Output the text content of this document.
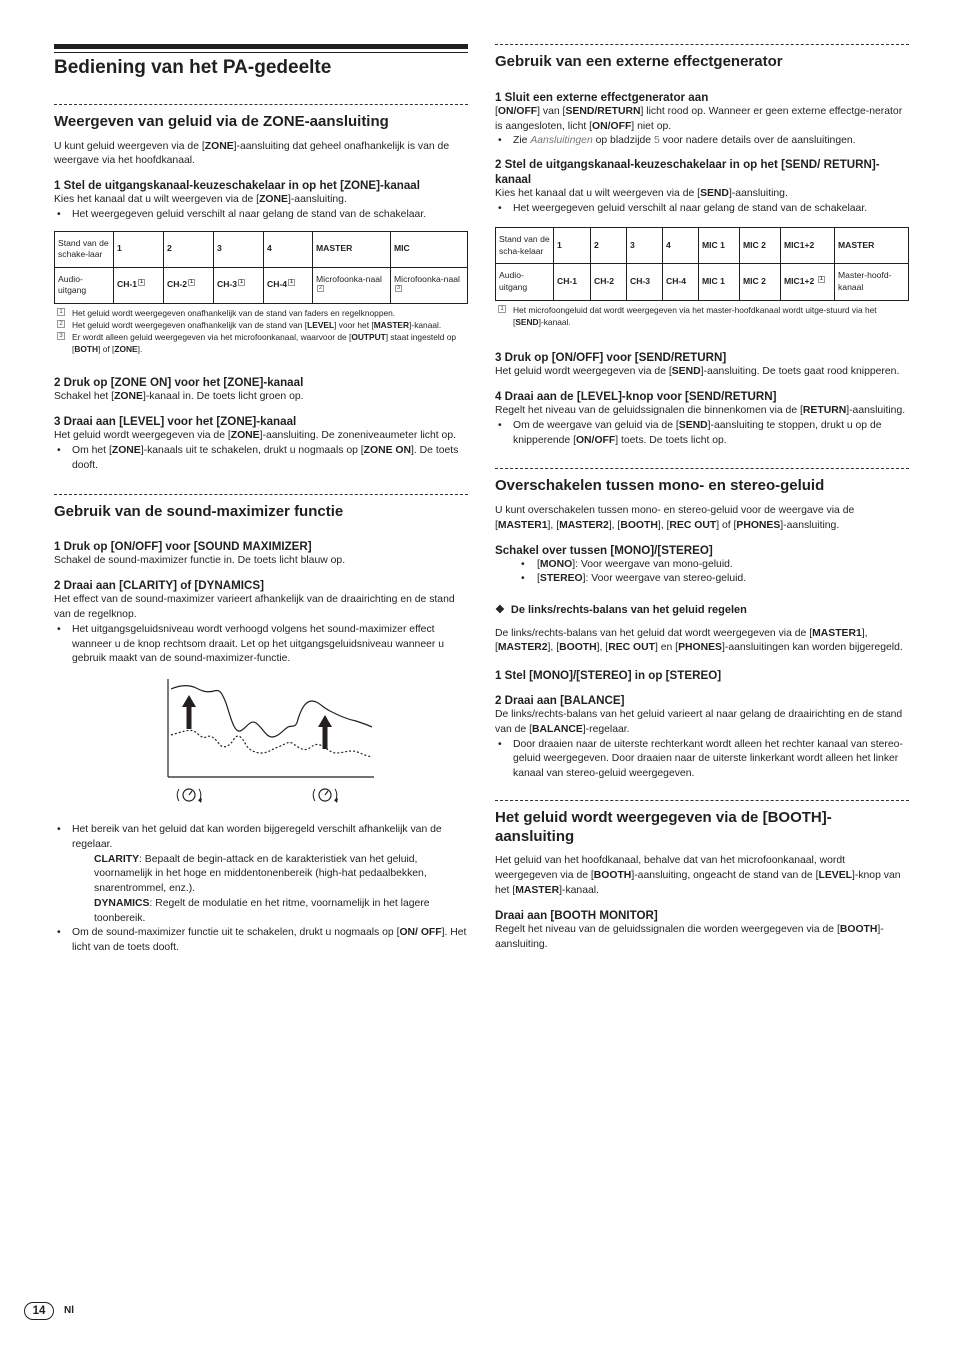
Bediening van het PA-gedeelte
Weergeven van geluid via de ZONE-aansluiting

U kunt geluid weergeven via de [ZONE]-aansluiting dat geheel onafhankelijk is van de weergave via het hoofdkanaal.

1 Stel de uitgangskanaal-keuzeschakelaar in op het [ZONE]-kanaal

Kies het kanaal dat u wilt weergeven via de [ZONE]-aansluiting.

• Het weergegeven geluid verschilt al naar gelang de stand van de schakelaar.

Stand van de schake-laar	1	2	3	4	MASTER	MIC
Audio-uitgang	CH-1 1	CH-2 1	CH-3 1	CH-4 1	Microfoonka-naal 2	Microfoonka-naal 3

1 Het geluid wordt weergegeven onafhankelijk van de stand van faders en regelknoppen.

2 Het geluid wordt weergegeven onafhankelijk van de stand van [LEVEL] voor het [MASTER]-kanaal.

3 Er wordt alleen geluid weergegeven via het microfoonkanaal, waarvoor de [OUTPUT] staat ingesteld op [BOTH] of [ZONE].

2 Druk op [ZONE ON] voor het [ZONE]-kanaal

Schakel het [ZONE]-kanaal in. De toets licht groen op.

3 Draai aan [LEVEL] voor het [ZONE]-kanaal

Het geluid wordt weergegeven via de [ZONE]-aansluiting. De zoneniveaumeter licht op.

• Om het [ZONE]-kanaals uit te schakelen, drukt u nogmaals op [ZONE ON]. De toets dooft.

Gebruik van de sound-maximizer functie
1 Druk op [ON/OFF] voor [SOUND MAXIMIZER]

Schakel de sound-maximizer functie in. De toets licht blauw op.

2 Draai aan [CLARITY] of [DYNAMICS]

Het effect van de sound-maximizer varieert afhankelijk van de draairichting en de stand van de regelknop.

• Het uitgangsgeluidsniveau wordt verhoogd volgens het sound-maximizer effect wanneer u de knop rechtsom draait. Let op het uitgangsgeluidsniveau wanneer u gebruik maakt van de sound-maximizer-functie.

• Het bereik van het geluid dat kan worden bijgeregeld verschilt afhankelijk van de regelaar.

CLARITY: Bepaalt de begin-attack en de karakteristiek van het geluid, voornamelijk in het hoge en middentonenbereik (high-hat pedaalbekken, snarentrommel, enz.).

DYNAMICS: Regelt de modulatie en het ritme, voornamelijk in het lagere toonbereik.

• Om de sound-maximizer functie uit te schakelen, drukt u nogmaals op [ON/ OFF]. Het licht van de toets dooft.

Gebruik van een externe effectgenerator
1 Sluit een externe effectgenerator aan

[ON/OFF] van [SEND/RETURN] licht rood op. Wanneer er geen externe effectge-nerator is aangesloten, licht [ON/OFF] niet op.

• Zie Aansluitingen op bladzijde 5 voor nadere details over de aansluitingen.

2 Stel de uitgangskanaal-keuzeschakelaar in op het [SEND/ RETURN]-kanaal

Kies het kanaal dat u wilt weergeven via de [SEND]-aansluiting.

• Het weergegeven geluid verschilt al naar gelang de stand van de schakelaar.

Stand van de scha-kelaar	1	2	3	4	MIC 1	MIC 2	MIC1+2	MASTER
Audio-uitgang	CH-1	CH-2	CH-3	CH-4	MIC 1	MIC 2	MIC1+2 1	Master-hoofd-kanaal

1 Het microfoongeluid dat wordt weergegeven via het master-hoofdkanaal wordt uitge-stuurd via het [SEND]-kanaal.

3 Druk op [ON/OFF] voor [SEND/RETURN]

Het geluid wordt weergegeven via de [SEND]-aansluiting. De toets gaat rood knipperen.

4 Draai aan de [LEVEL]-knop voor [SEND/RETURN]

Regelt het niveau van de geluidssignalen die binnenkomen via de [RETURN]-aansluiting.

• Om de weergave van geluid via de [SEND]-aansluiting te stoppen, drukt u op de knipperende [ON/OFF] toets. De toets licht op.

Overschakelen tussen mono- en stereo-geluid

U kunt overschakelen tussen mono- en stereo-geluid voor de weergave via de [MASTER1], [MASTER2], [BOOTH], [REC OUT] of [PHONES]-aansluiting.

Schakel over tussen [MONO]/[STEREO]

• [MONO]: Voor weergave van mono-geluid.

• [STEREO]: Voor weergave van stereo-geluid.

❖ De links/rechts-balans van het geluid regelen

De links/rechts-balans van het geluid dat wordt weergegeven via de [MASTER1], [MASTER2], [BOOTH], [REC OUT] en [PHONES]-aansluitingen kan worden bijgeregeld.

1 Stel [MONO]/[STEREO] in op [STEREO]
2 Draai aan [BALANCE]

De links/rechts-balans van het geluid varieert al naar gelang de draairichting en de stand van de [BALANCE]-regelaar.

• Door draaien naar de uiterste rechterkant wordt alleen het rechter kanaal van stereo-geluid weergegeven. Door draaien naar de uiterste linkerkant wordt alleen het linker kanaal van stereo-geluid weergegeven.

Het geluid wordt weergegeven via de [BOOTH]-aansluiting

Het geluid van het hoofdkanaal, behalve dat van het microfoonkanaal, wordt weergegeven via de [BOOTH]-aansluiting, ongeacht de stand van de [LEVEL]-knop van het [MASTER]-kanaal.

Draai aan [BOOTH MONITOR]

Regelt het niveau van de geluidssignalen die worden weergegeven via de [BOOTH]-aansluiting.

14	Nl
